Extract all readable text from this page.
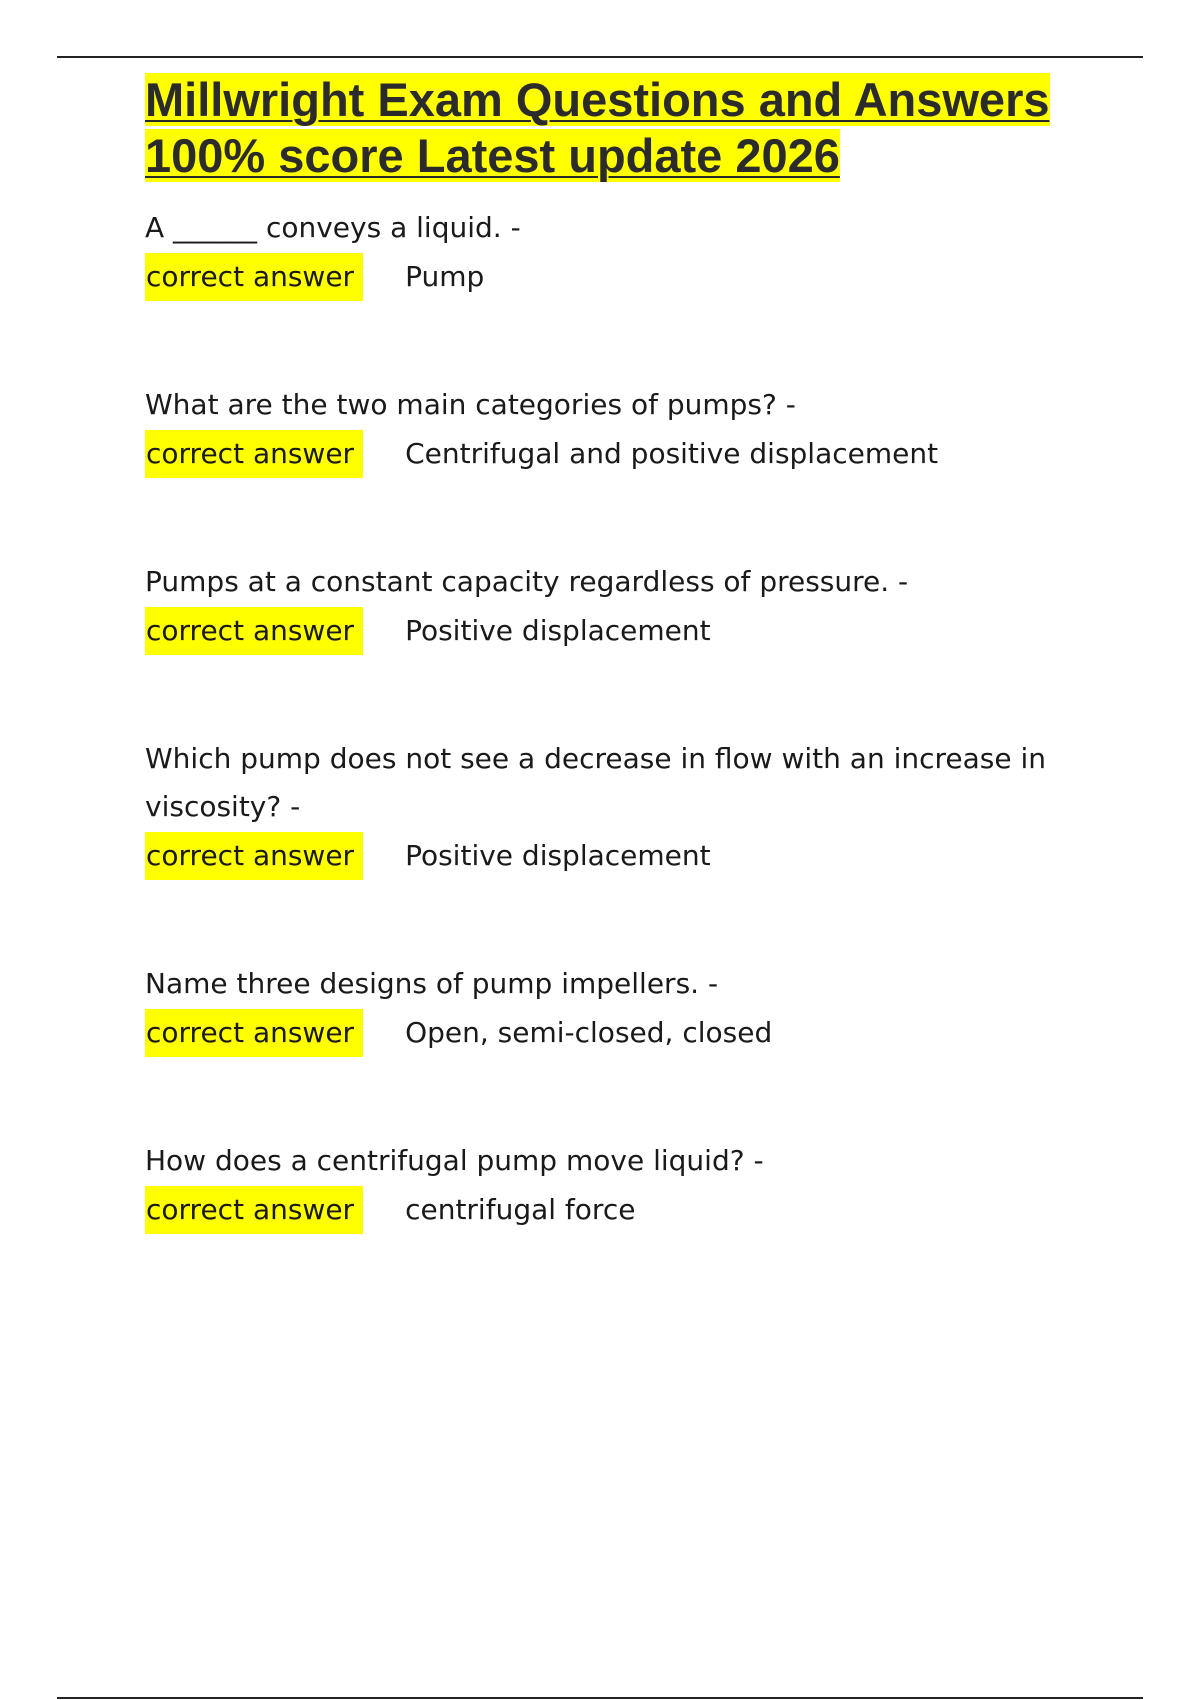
Millwright Exam Questions and Answers 100% score Latest update 2026

A ______ conveys a liquid. -

correct answer	Pump

What are the two main categories of pumps? -

correct answer	Centrifugal and positive displacement

Pumps at a constant capacity regardless of pressure. -

correct answer	Positive displacement

Which pump does not see a decrease in flow with an increase in viscosity? -

correct answer	Positive displacement

Name three designs of pump impellers. -

correct answer	Open, semi-closed, closed

How does a centrifugal pump move liquid? -

correct answer	centrifugal force
